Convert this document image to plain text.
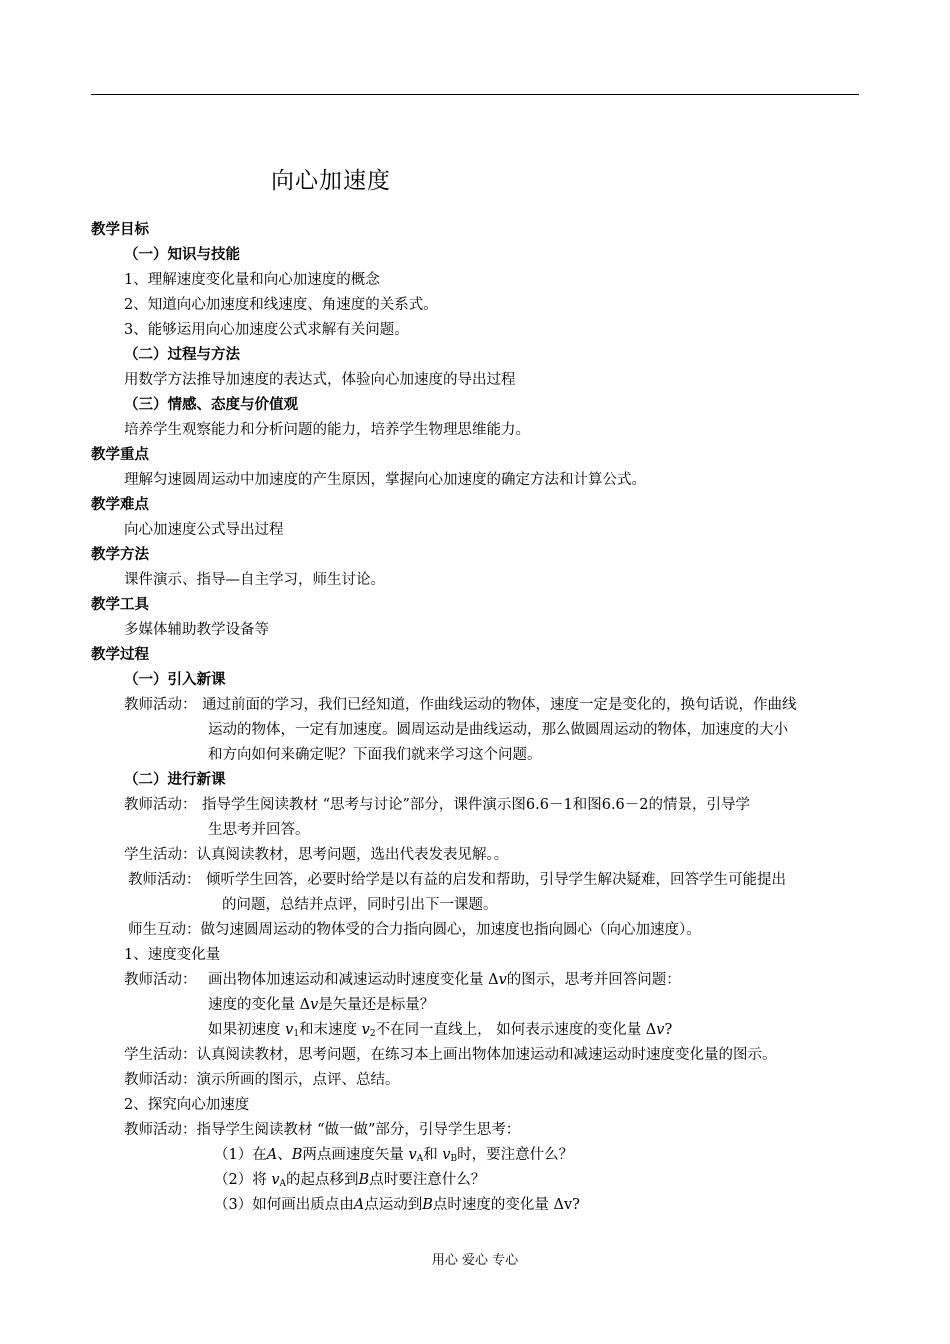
向心加速度
教学目标
（一）知识与技能
1、理解速度变化量和向心加速度的概念
2、知道向心加速度和线速度、角速度的关系式。
3、能够运用向心加速度公式求解有关问题。
（二）过程与方法
用数学方法推导加速度的表达式，体验向心加速度的导出过程
（三）情感、态度与价值观
培养学生观察能力和分析问题的能力，培养学生物理思维能力。
教学重点
理解匀速圆周运动中加速度的产生原因，掌握向心加速度的确定方法和计算公式。
教学难点
向心加速度公式导出过程
教学方法
课件演示、指导—自主学习，师生讨论。
教学工具
多媒体辅助教学设备等
教学过程
（一）引入新课
教师活动： 通过前面的学习，我们已经知道，作曲线运动的物体，速度一定是变化的，换句话说，作曲线
运动的物体，一定有加速度。圆周运动是曲线运动，那么做圆周运动的物体，加速度的大小
和方向如何来确定呢？下面我们就来学习这个问题。
（二）进行新课
教师活动： 指导学生阅读教材 “思考与讨论”部分，课件演示图6.6－1和图6.6－2的情景，引导学
生思考并回答。
学生活动：认真阅读教材，思考问题，选出代表发表见解。。
教师活动： 倾听学生回答，必要时给学是以有益的启发和帮助，引导学生解决疑难，回答学生可能提出
的问题，总结并点评，同时引出下一课题。
师生互动：做匀速圆周运动的物体受的合力指向圆心，加速度也指向圆心（向心加速度）。
1、速度变化量
教师活动： 画出物体加速运动和减速运动时速度变化量 Δv的图示，思考并回答问题：
速度的变化量 Δv是矢量还是标量？
如果初速度 v1和末速度 v2不在同一直线上， 如何表示速度的变化量 Δv?
学生活动：认真阅读教材，思考问题，在练习本上画出物体加速运动和减速运动时速度变化量的图示。
教师活动：演示所画的图示，点评、总结。
2、探究向心加速度
教师活动：指导学生阅读教材 “做一做”部分，引导学生思考：
（1）在A、B两点画速度矢量 vA和 vB时，要注意什么？
（2）将 vA的起点移到B点时要注意什么？
（3）如何画出质点由A点运动到B点时速度的变化量 Δv?
用心 爱心 专心
